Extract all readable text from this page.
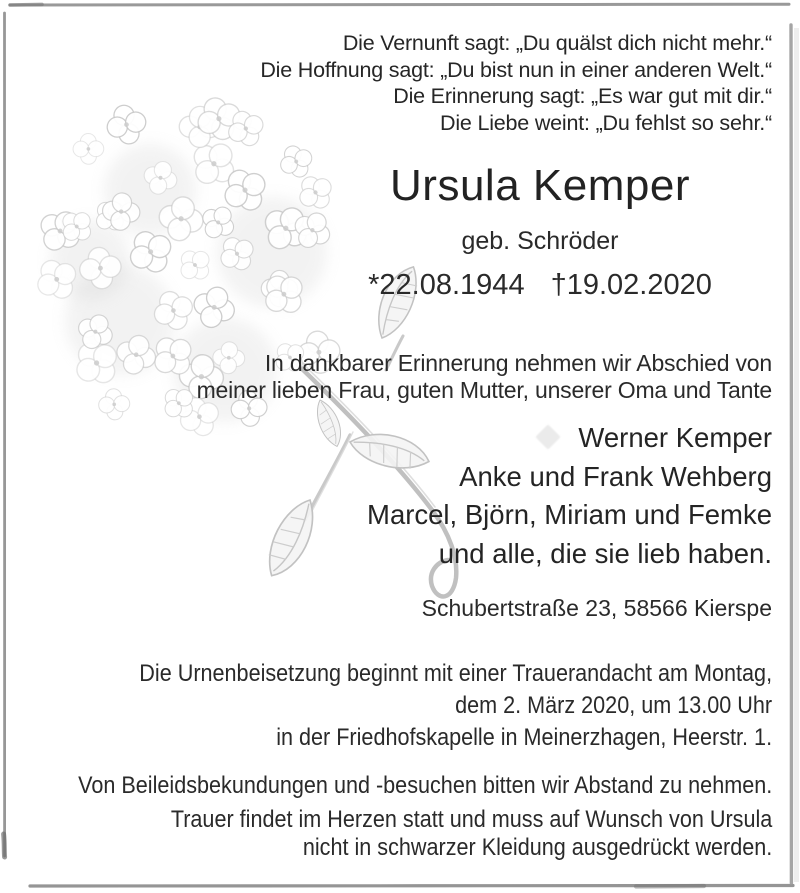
Die Vernunft sagt: „Du quälst dich nicht mehr.“
Die Hoffnung sagt: „Du bist nun in einer anderen Welt.“
Die Erinnerung sagt: „Es war gut mit dir.“
Die Liebe weint: „Du fehlst so sehr.“
Ursula Kemper
geb. Schröder
*22.08.1944 †19.02.2020
In dankbarer Erinnerung nehmen wir Abschied von
meiner lieben Frau, guten Mutter, unserer Oma und Tante
Werner Kemper
Anke und Frank Wehberg
Marcel, Björn, Miriam und Femke
und alle, die sie lieb haben.
Schubertstraße 23, 58566 Kierspe
Die Urnenbeisetzung beginnt mit einer Trauerandacht am Montag,
dem 2. März 2020, um 13.00 Uhr
in der Friedhofskapelle in Meinerzhagen, Heerstr. 1.
Von Beileidsbekundungen und -besuchen bitten wir Abstand zu nehmen.
Trauer findet im Herzen statt und muss auf Wunsch von Ursula
nicht in schwarzer Kleidung ausgedrückt werden.
